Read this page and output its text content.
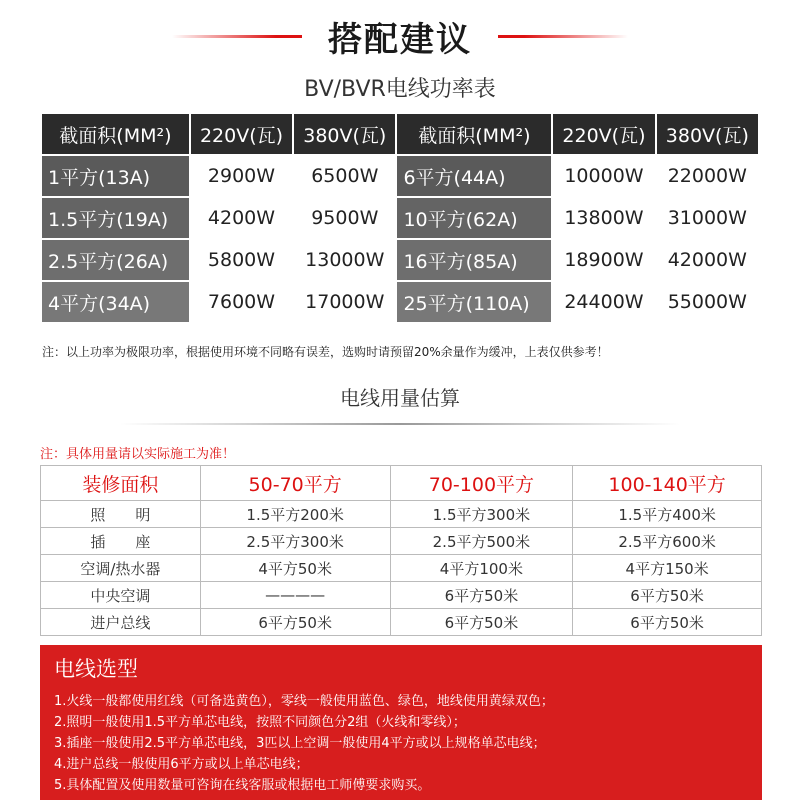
搭配建议
BV/BVR电线功率表
截面积(MM²)	220V(瓦)	380V(瓦)	截面积(MM²)	220V(瓦)	380V(瓦)
1平方(13A)	2900W	6500W	6平方(44A)	10000W	22000W
1.5平方(19A)	4200W	9500W	10平方(62A)	13800W	31000W
2.5平方(26A)	5800W	13000W	16平方(85A)	18900W	42000W
4平方(34A)	7600W	17000W	25平方(110A)	24400W	55000W
注：以上功率为极限功率，根据使用环境不同略有误差，选购时请预留20%余量作为缓冲，上表仅供参考！
电线用量估算
注：具体用量请以实际施工为准！
装修面积	50-70平方	70-100平方	100-140平方
照　　明	1.5平方200米	1.5平方300米	1.5平方400米
插　　座	2.5平方300米	2.5平方500米	2.5平方600米
空调/热水器	4平方50米	4平方100米	4平方150米
中央空调	————	6平方50米	6平方50米
进户总线	6平方50米	6平方50米	6平方50米
电线选型
1.火线一般都使用红线（可备选黄色），零线一般使用蓝色、绿色，地线使用黄绿双色；
2.照明一般使用1.5平方单芯电线，按照不同颜色分2组（火线和零线）；
3.插座一般使用2.5平方单芯电线，3匹以上空调一般使用4平方或以上规格单芯电线；
4.进户总线一般使用6平方或以上单芯电线；
5.具体配置及使用数量可咨询在线客服或根据电工师傅要求购买。
